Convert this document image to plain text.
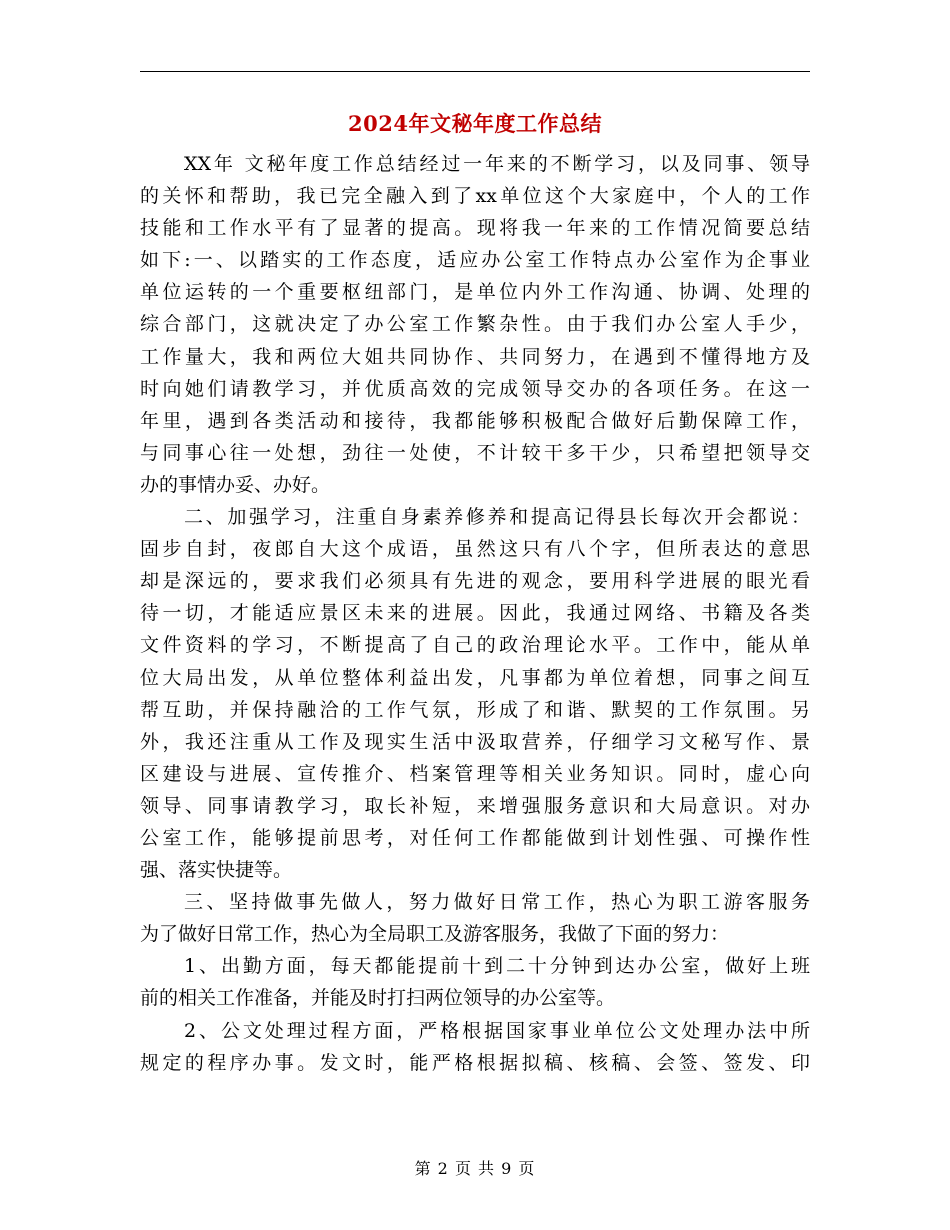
2024年文秘年度工作总结
XX年 文秘年度工作总结经过一年来的不断学习，以及同事、领导
的关怀和帮助，我已完全融入到了xx单位这个大家庭中，个人的工作
技能和工作水平有了显著的提高。现将我一年来的工作情况简要总结
如下:一、以踏实的工作态度，适应办公室工作特点办公室作为企事业
单位运转的一个重要枢纽部门，是单位内外工作沟通、协调、处理的
综合部门，这就决定了办公室工作繁杂性。由于我们办公室人手少，
工作量大，我和两位大姐共同协作、共同努力，在遇到不懂得地方及
时向她们请教学习，并优质高效的完成领导交办的各项任务。在这一
年里，遇到各类活动和接待，我都能够积极配合做好后勤保障工作，
与同事心往一处想，劲往一处使，不计较干多干少，只希望把领导交
办的事情办妥、办好。
二、加强学习，注重自身素养修养和提高记得县长每次开会都说：
固步自封，夜郎自大这个成语，虽然这只有八个字，但所表达的意思
却是深远的，要求我们必须具有先进的观念，要用科学进展的眼光看
待一切，才能适应景区未来的进展。因此，我通过网络、书籍及各类
文件资料的学习，不断提高了自己的政治理论水平。工作中，能从单
位大局出发，从单位整体利益出发，凡事都为单位着想，同事之间互
帮互助，并保持融洽的工作气氛，形成了和谐、默契的工作氛围。另
外，我还注重从工作及现实生活中汲取营养，仔细学习文秘写作、景
区建设与进展、宣传推介、档案管理等相关业务知识。同时，虚心向
领导、同事请教学习，取长补短，来增强服务意识和大局意识。对办
公室工作，能够提前思考，对任何工作都能做到计划性强、可操作性
强、落实快捷等。
三、坚持做事先做人，努力做好日常工作，热心为职工游客服务
为了做好日常工作，热心为全局职工及游客服务，我做了下面的努力：
1、出勤方面，每天都能提前十到二十分钟到达办公室，做好上班
前的相关工作准备，并能及时打扫两位领导的办公室等。
2、公文处理过程方面，严格根据国家事业单位公文处理办法中所
规定的程序办事。发文时，能严格根据拟稿、核稿、会签、签发、印
第 2 页 共 9 页
